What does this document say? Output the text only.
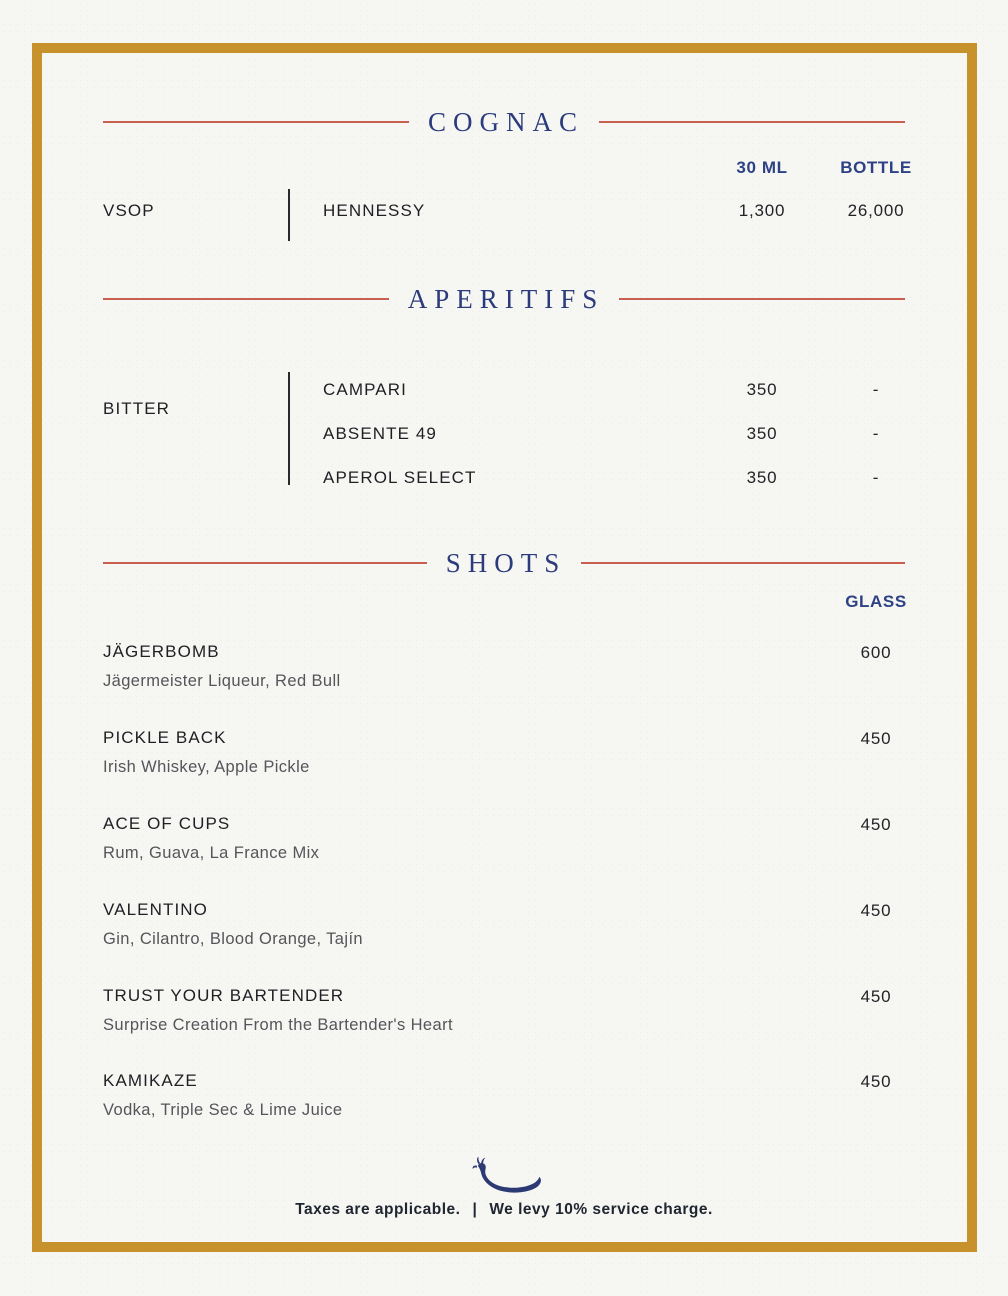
COGNAC
30 ML	BOTTLE
VSOP	HENNESSY	1,300	26,000
APERITIFS
BITTER
CAMPARI	350	-
ABSENTE 49	350	-
APEROL SELECT	350	-
SHOTS
GLASS
JÄGERBOMB	600
Jägermeister Liqueur, Red Bull
PICKLE BACK	450
Irish Whiskey, Apple Pickle
ACE OF CUPS	450
Rum, Guava, La France Mix
VALENTINO	450
Gin, Cilantro, Blood Orange, Tajín
TRUST YOUR BARTENDER	450
Surprise Creation From the Bartender's Heart
KAMIKAZE	450
Vodka, Triple Sec & Lime Juice
Taxes are applicable. | We levy 10% service charge.
